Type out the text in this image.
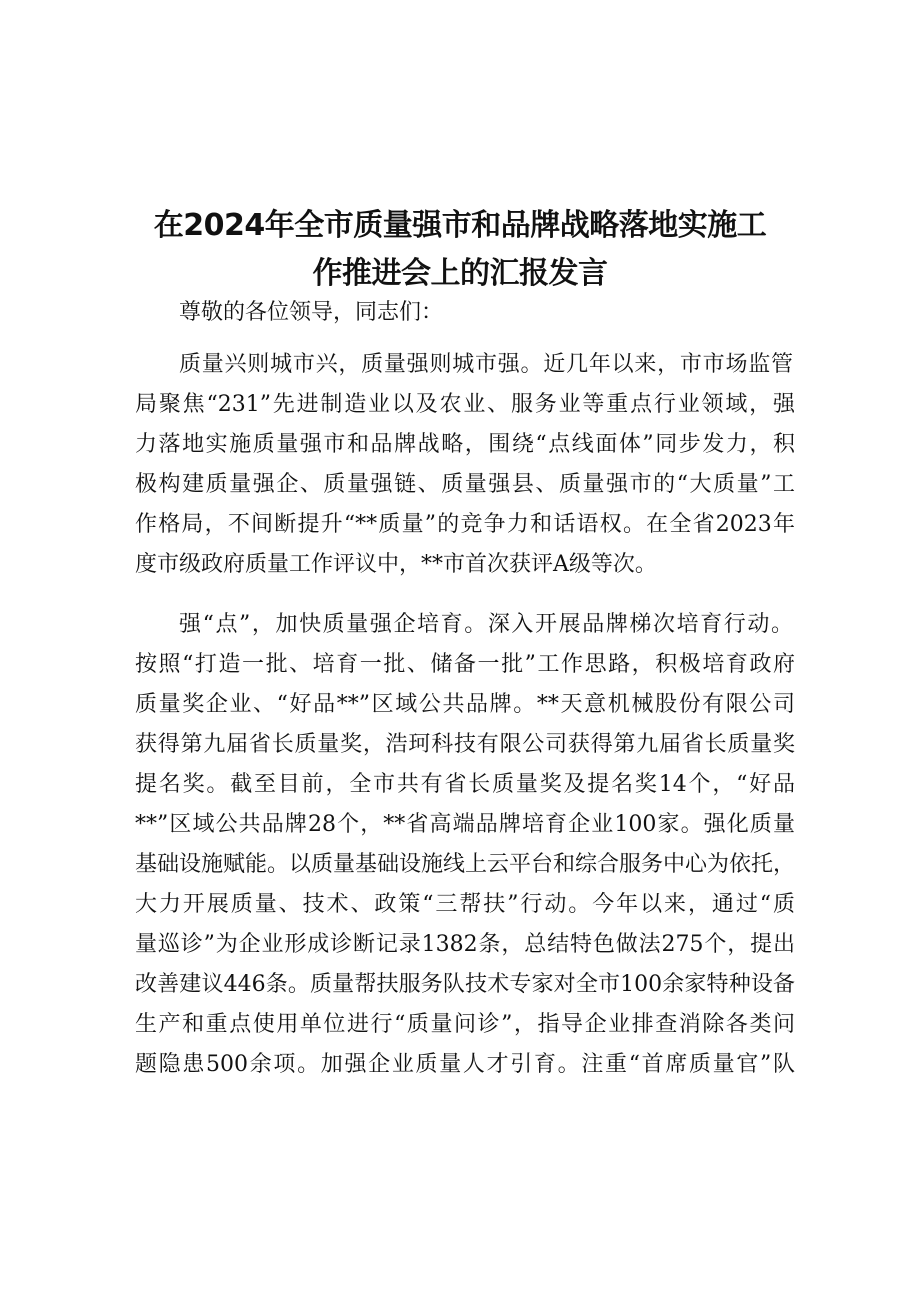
在2024年全市质量强市和品牌战略落地实施工
作推进会上的汇报发言
尊敬的各位领导，同志们：
质量兴则城市兴，质量强则城市强。近几年以来，市市场监管
局聚焦“231”先进制造业以及农业、服务业等重点行业领域，强
力落地实施质量强市和品牌战略，围绕“点线面体”同步发力，积
极构建质量强企、质量强链、质量强县、质量强市的“大质量”工
作格局，不间断提升“**质量”的竞争力和话语权。在全省2023年
度市级政府质量工作评议中，**市首次获评A级等次。
强“点”，加快质量强企培育。深入开展品牌梯次培育行动。
按照“打造一批、培育一批、储备一批”工作思路，积极培育政府
质量奖企业、“好品**”区域公共品牌。**天意机械股份有限公司
获得第九届省长质量奖，浩珂科技有限公司获得第九届省长质量奖
提名奖。截至目前，全市共有省长质量奖及提名奖14个，“好品
**”区域公共品牌28个，**省高端品牌培育企业100家。强化质量
基础设施赋能。以质量基础设施线上云平台和综合服务中心为依托，
大力开展质量、技术、政策“三帮扶”行动。今年以来，通过“质
量巡诊”为企业形成诊断记录1382条，总结特色做法275个，提出
改善建议446条。质量帮扶服务队技术专家对全市100余家特种设备
生产和重点使用单位进行“质量问诊”，指导企业排查消除各类问
题隐患500余项。加强企业质量人才引育。注重“首席质量官”队
